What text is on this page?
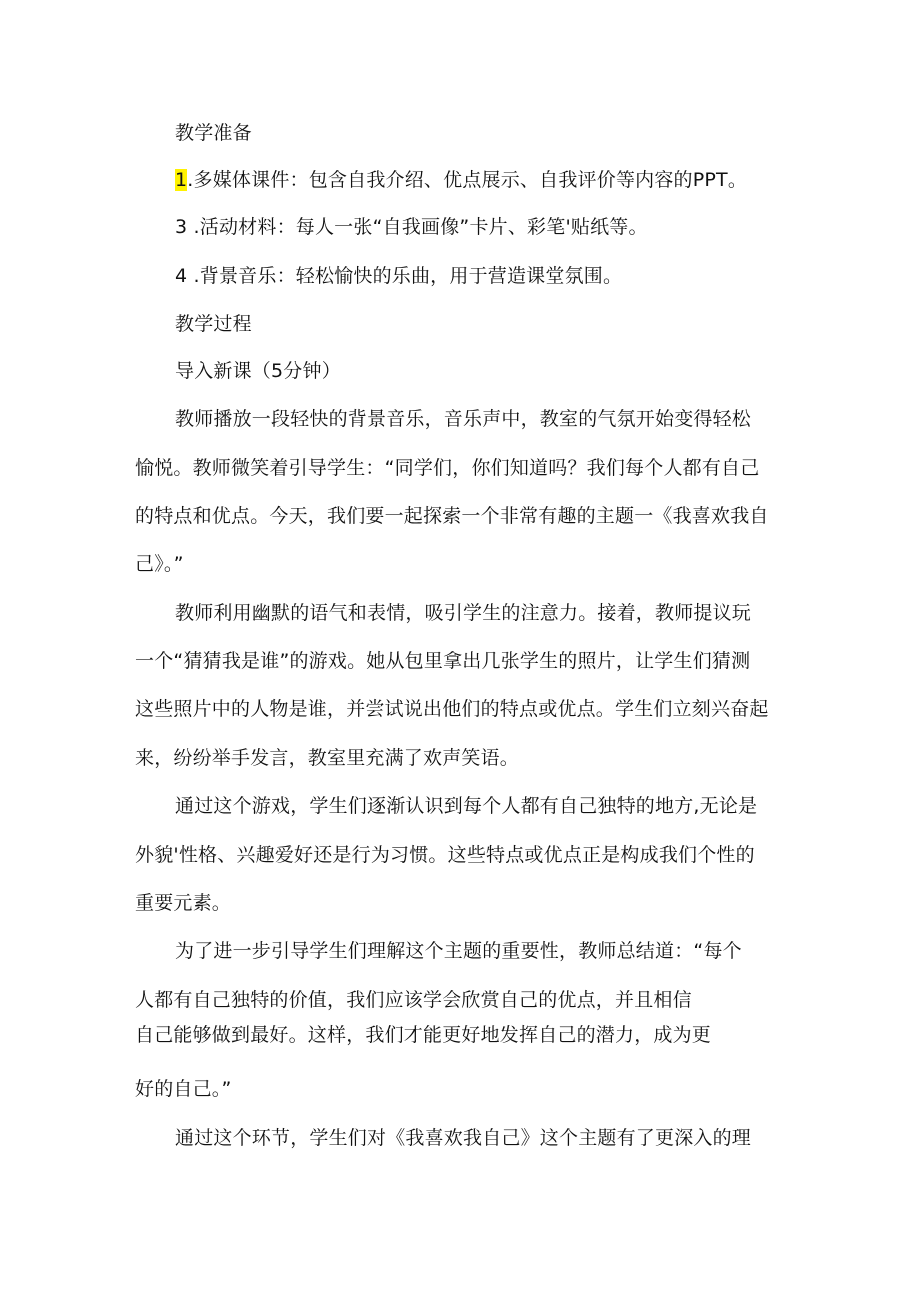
教学准备
1.多媒体课件：包含自我介绍、优点展示、自我评价等内容的PPT。
3 .活动材料：每人一张“自我画像”卡片、彩笔'贴纸等。
4 .背景音乐：轻松愉快的乐曲，用于营造课堂氛围。
教学过程
导入新课（5分钟）
教师播放一段轻快的背景音乐，音乐声中，教室的气氛开始变得轻松
愉悦。教师微笑着引导学生：“同学们，你们知道吗？我们每个人都有自己
的特点和优点。今天，我们要一起探索一个非常有趣的主题一《我喜欢我自
己》。”
教师利用幽默的语气和表情，吸引学生的注意力。接着，教师提议玩
一个“猜猜我是谁”的游戏。她从包里拿出几张学生的照片，让学生们猜测
这些照片中的人物是谁，并尝试说出他们的特点或优点。学生们立刻兴奋起
来，纷纷举手发言，教室里充满了欢声笑语。
通过这个游戏，学生们逐渐认识到每个人都有自己独特的地方,无论是
外貌'性格、兴趣爱好还是行为习惯。这些特点或优点正是构成我们个性的
重要元素。
为了进一步引导学生们理解这个主题的重要性，教师总结道：“每个
人都有自己独特的价值，我们应该学会欣赏自己的优点，并且相信
自己能够做到最好。这样，我们才能更好地发挥自己的潜力，成为更
好的自己。”
通过这个环节，学生们对《我喜欢我自己》这个主题有了更深入的理
